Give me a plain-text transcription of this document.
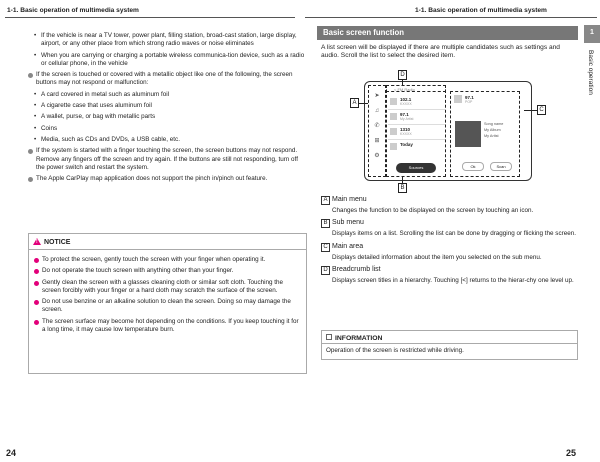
1-1. Basic operation of multimedia system
• If the vehicle is near a TV tower, power plant, filling station, broad-cast station, large display, airport, or any other place from which strong radio waves or noise eliminates
• When you are carrying or charging a portable wireless communica-tion device, such as a radio or cellular phone, in the vehicle
If the screen is touched or covered with a metallic object like one of the following, the screen buttons may not respond or malfunction:
• A card covered in metal such as aluminum foil
• A cigarette case that uses aluminum foil
• A wallet, purse, or bag with metallic parts
• Coins
• Media, such as CDs and DVDs, a USB cable, etc.
If the system is started with a finger touching the screen, the screen buttons may not respond. Remove any fingers off the screen and try again. If the buttons are still not responding, turn off the power switch and restart the system.
The Apple CarPlay map application does not support the pinch in/pinch out feature.
!NOTICE
To protect the screen, gently touch the screen with your finger when operating it.
Do not operate the touch screen with anything other than your finger.
Gently clean the screen with a glasses cleaning cloth or similar soft cloth. Touching the screen forcibly with your finger or a hard cloth may scratch the surface of the screen.
Do not use benzine or an alkaline solution to clean the screen. Doing so may damage the screen.
The screen surface may become hot depending on the conditions. If you keep touching it for a long time, it may cause low temperature burn.
24
1-1. Basic operation of multimedia system
Basic screen function	1
Basic operation
A list screen will be displayed if there are multiple candidates such as settings and audio. Scroll the list to select the desired item.
➤
♫
✆
⊞
⚙
< FM Radio
102.1
KXXXX
97.1
My Artist
1310
KXXXX
Today
Sources
97.1
POP
Song name
My Album
My Artist
Ok	Scan
A
D
C
B
A Main menu
Changes the function to be displayed on the screen by touching an icon.
B Sub menu
Displays items on a list. Scrolling the list can be done by dragging or flicking the screen.
C Main area
Displays detailed information about the item you selected on the sub menu.
D Breadcrumb list
Displays screen titles in a hierarchy. Touching [<] returns to the hierar-chy one level up.
INFORMATION
Operation of the screen is restricted while driving.
25
